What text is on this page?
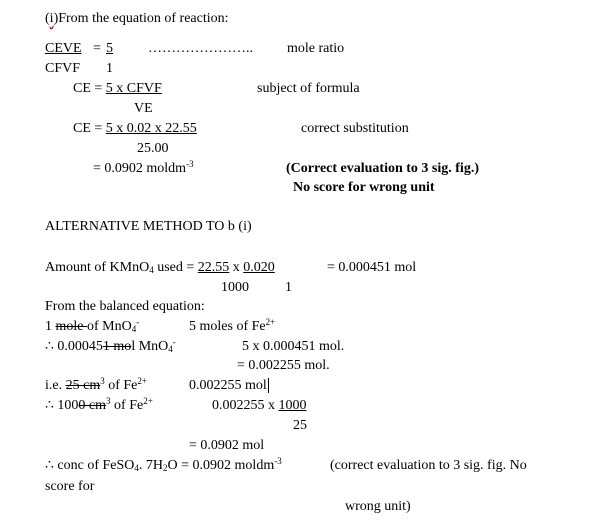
(i)From the equation of reaction:
CEVE = 5	………………….. mole ratio
CFVF 1
CE = 5 x CFVF	subject of formula
VE
CE = 5 x 0.02 x 22.55	correct substitution
25.00
= 0.0902 moldm$^{-3}$	(Correct evaluation to 3 sig. fig.)
No score for wrong unit
ALTERNATIVE METHOD TO b (i)
Amount of KMnO$_4$ used = 22.55 x 0.020	= 0.000451 mol
1000	1
From the balanced equation:
1 mole of MnO$_4$-	5 moles of $Fe^{2+}$
∴ 0.000451 mol MnO$_4$-	5 x 0.000451 mol.
= 0.002255 mol.
i.e. 25 $cm^3$ of $Fe^{2+}$	0.002255 mol
∴ 1000 $cm^3$ of $Fe^{2+}$	0.002255 x 1000
25
= 0.0902 mol
∴ conc of FeSO$_4$. $7H_2O = 0.0902$ moldm$^{-3}$	(correct evaluation to 3 sig. fig. No
score for
wrong unit)
